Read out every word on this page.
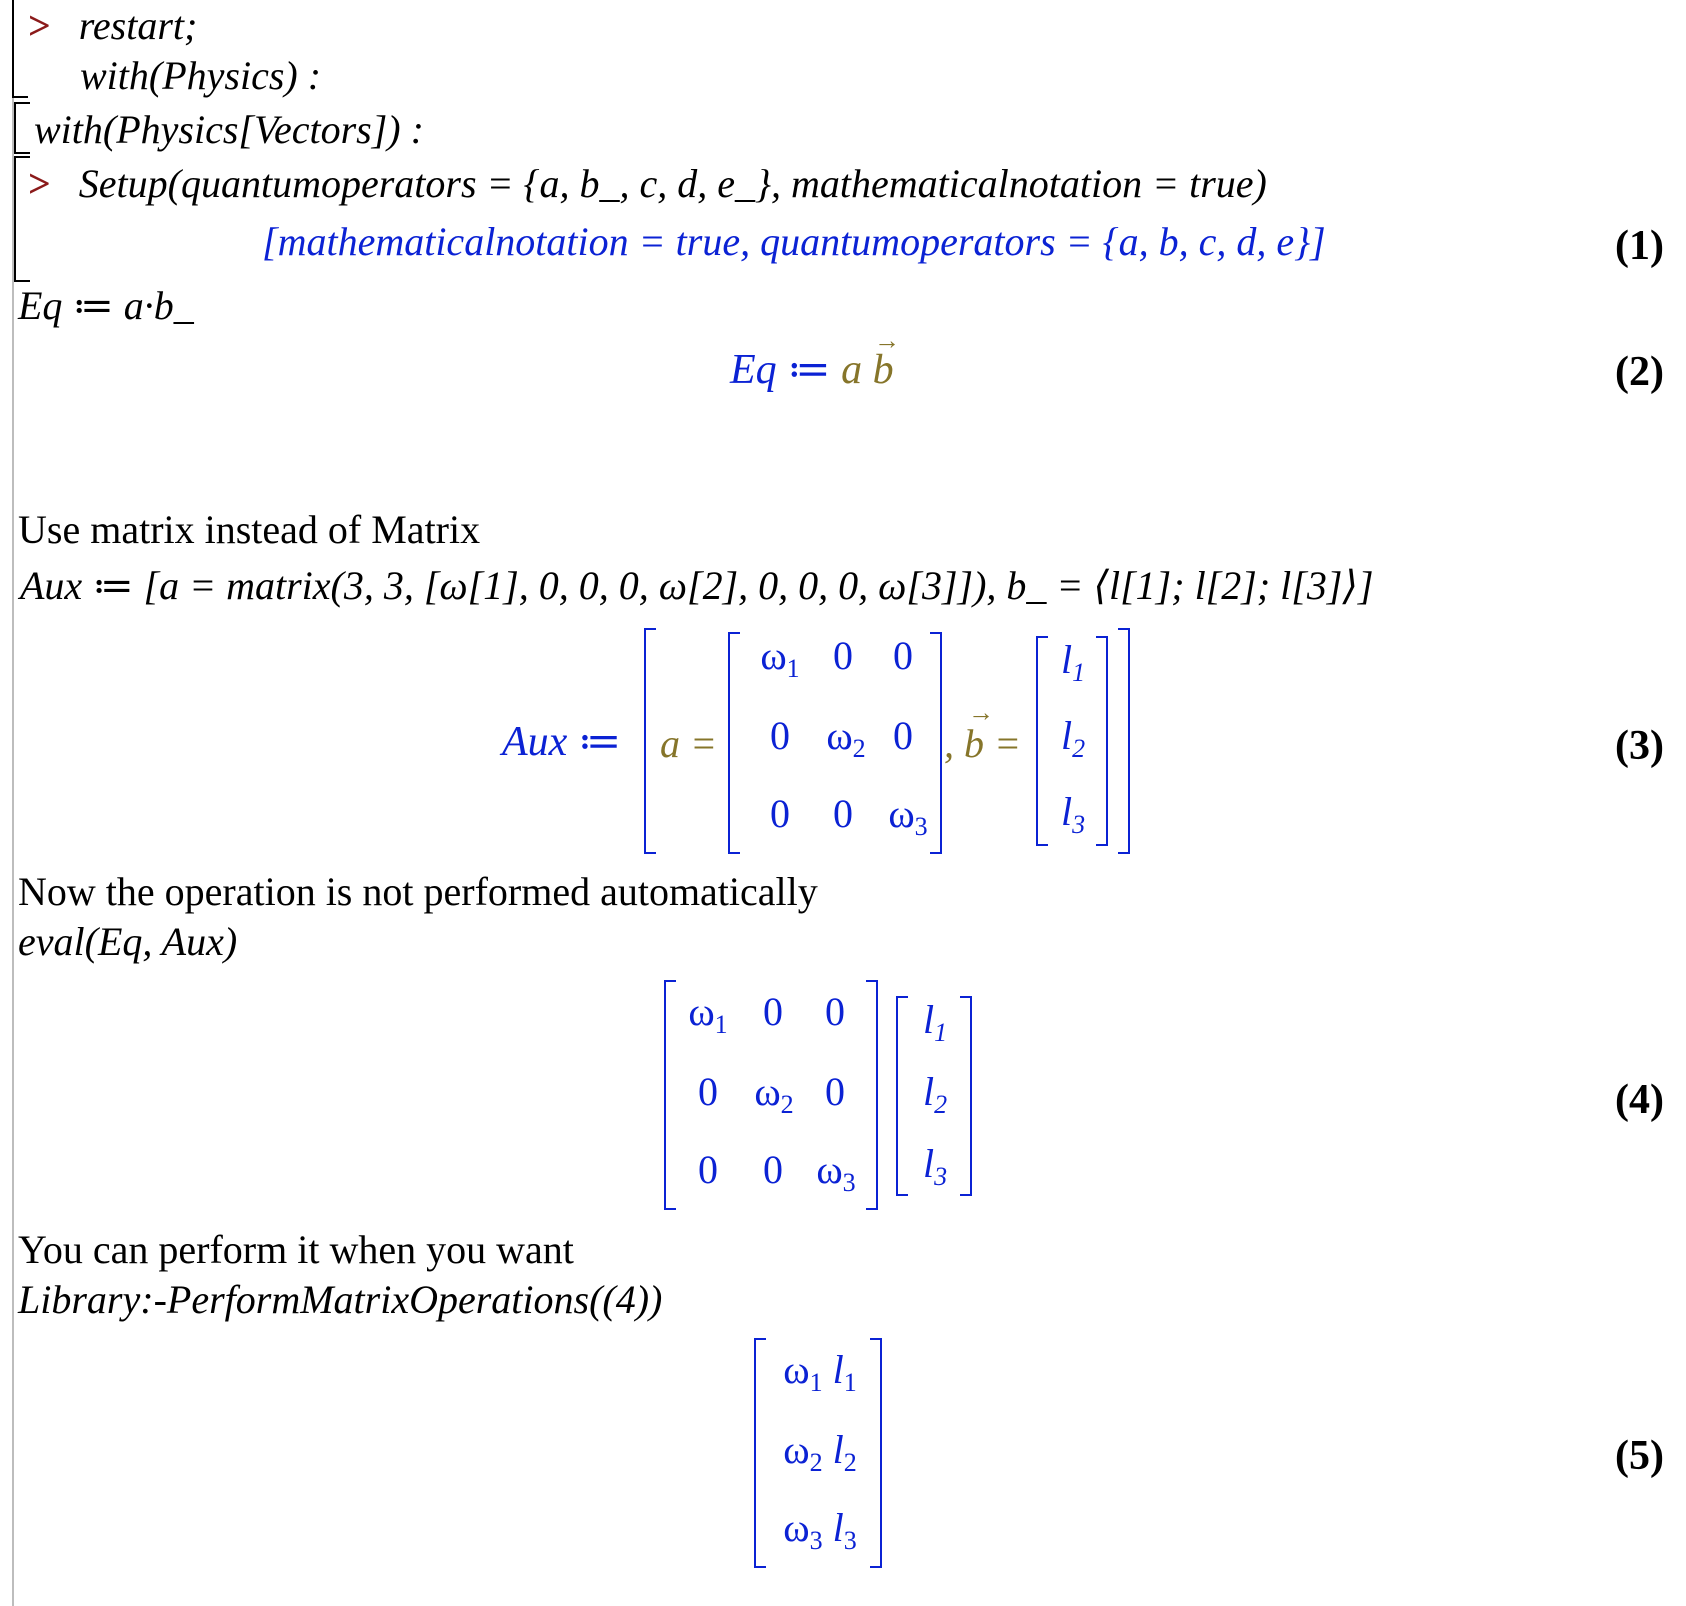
> restart;
with(Physics) :
with(Physics[Vectors]) :
> Setup(quantumoperators = {a, b_, c, d, e_}, mathematicalnotation = true)
[mathematicalnotation = true, quantumoperators = {a, b, c, d, e}]	(1)
Eq ≔ a·b_
Eq ≔ a b
→
(2)
Use matrix instead of Matrix
Aux ≔ [a = matrix(3, 3, [ω[1], 0, 0, 0, ω[2], 0, 0, 0, ω[3]]), b_ = ⟨l[1]; l[2]; l[3]⟩]
Aux ≔ a =
$\omega_1$ 0	0
0 $\omega_2$ 0
0	0 $\omega_3$
, b =
→
$l_1$
$l_2$
$l_3$
(3)
Now the operation is not performed automatically
eval(Eq, Aux)
$\omega_1$ 0	0
0 $\omega_2$ 0
0	0 $\omega_3$
$l_1$
$l_2$
$l_3$
(4)
You can perform it when you want
Library:-PerformMatrixOperations((4))
$\omega_1$ $l_1$
$\omega_2$ $l_2$
$\omega_3$ $l_3$
(5)
